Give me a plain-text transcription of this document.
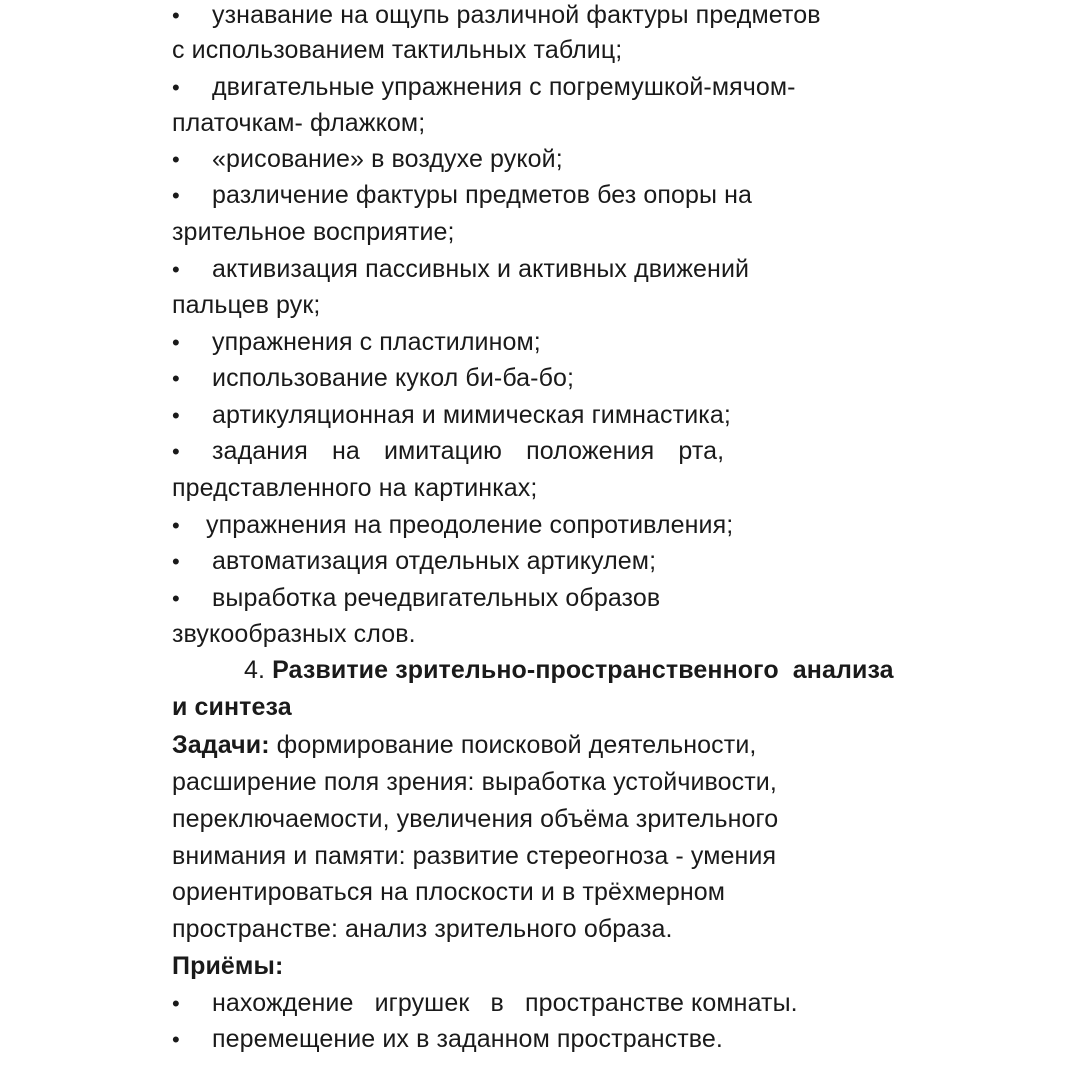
• узнавание на ощупь различной фактуры предметов
с использованием тактильных таблиц;
• двигательные упражнения с погремушкой-мячом-
платочкам- флажком;
• «рисование» в воздухе рукой;
• различение фактуры предметов без опоры на
зрительное восприятие;
• активизация пассивных и активных движений
пальцев рук;
• упражнения с пластилином;
• использование кукол би-ба-бо;
• артикуляционная и мимическая гимнастика;
• задания  на  имитацию  положения  рта,
представленного на картинках;
• упражнения на преодоление сопротивления;
• автоматизация отдельных артикулем;
• выработка речедвигательных образов
звукообразных слов.
4. Развитие зрительно-пространственного  анализа
и синтеза
Задачи: формирование поисковой деятельности,
расширение поля зрения: выработка устойчивости,
переключаемости, увеличения объёма зрительного
внимания и памяти: развитие стереогноза - умения
ориентироваться на плоскости и в трёхмерном
пространстве: анализ зрительного образа.
Приёмы:
• нахождение   игрушек   в   пространстве комнаты.
• перемещение их в заданном пространстве.
